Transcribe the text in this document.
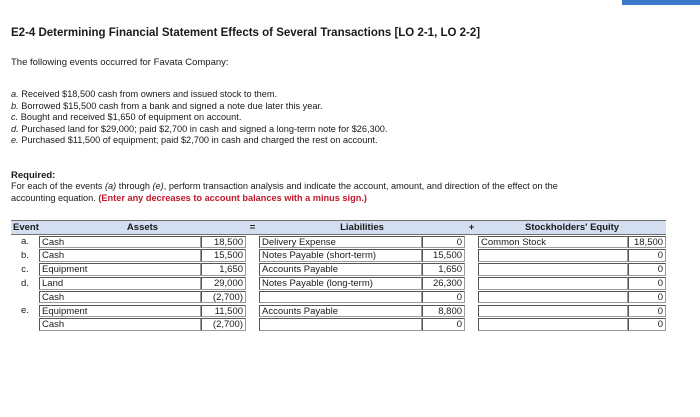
E2-4 Determining Financial Statement Effects of Several Transactions [LO 2-1, LO 2-2]

The following events occurred for Favata Company:

a. Received $18,500 cash from owners and issued stock to them.
b. Borrowed $15,500 cash from a bank and signed a note due later this year.
c. Bought and received $1,650 of equipment on account.
d. Purchased land for $29,000; paid $2,700 in cash and signed a long-term note for $26,300.
e. Purchased $11,500 of equipment; paid $2,700 in cash and charged the rest on account.

Required:

For each of the events (a) through (e), perform transaction analysis and indicate the account, amount, and direction of the effect on the accounting equation. (Enter any decreases to account balances with a minus sign.)

Event	Assets		=	Liabilities		+	Stockholders' Equity	
a.	Cash	18,500		Delivery Expense	0		Common Stock	18,500

b.	Cash	15,500		Notes Payable (short-term)	15,500			0

c.	Equipment	1,650		Accounts Payable	1,650			0

d.	Land	29,000		Notes Payable (long-term)	26,300			0

	Cash	(2,700)			0			0

e.	Equipment	11,500		Accounts Payable	8,800			0

	Cash	(2,700)			0			0
